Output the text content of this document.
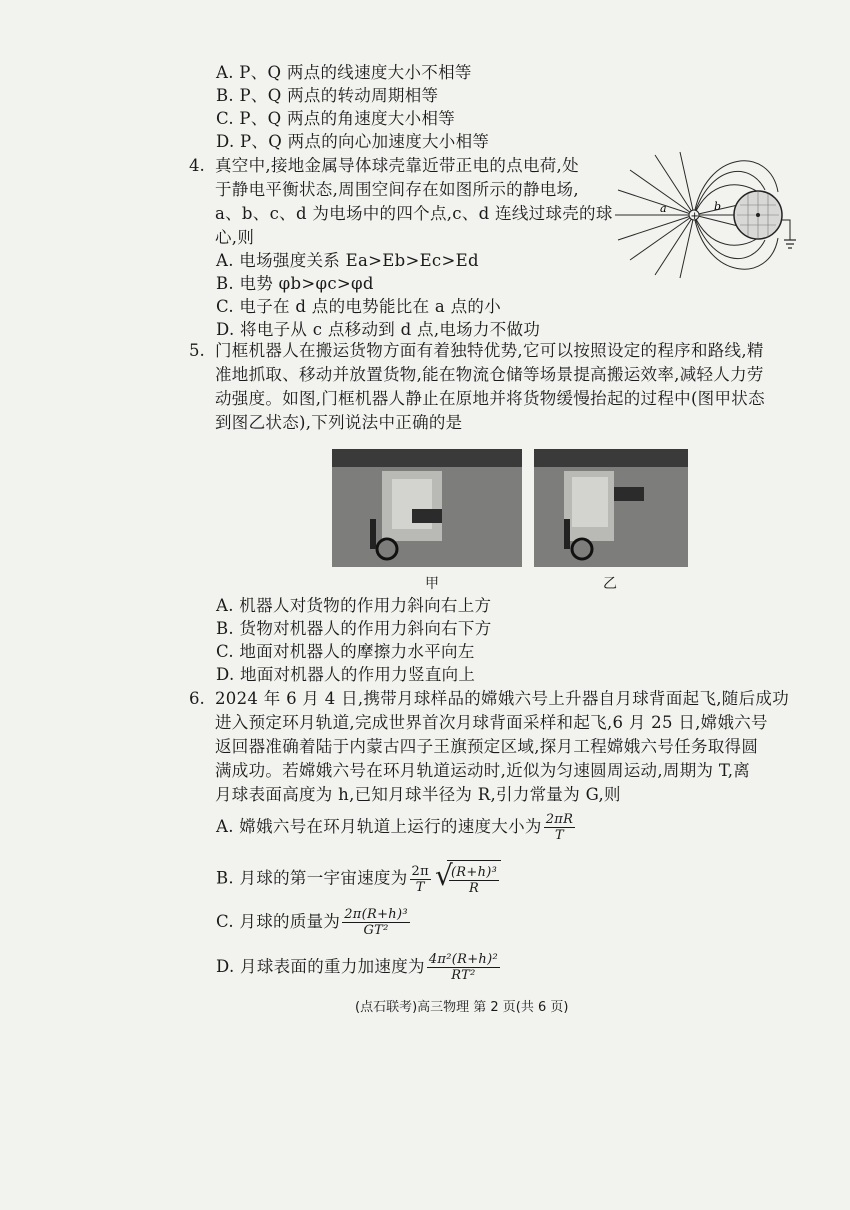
A. P、Q 两点的线速度大小不相等
B. P、Q 两点的转动周期相等
C. P、Q 两点的角速度大小相等
D. P、Q 两点的向心加速度大小相等
4. 真空中,接地金属导体球壳靠近带正电的点电荷,处
于静电平衡状态,周围空间存在如图所示的静电场,
a、b、c、d 为电场中的四个点,c、d 连线过球壳的球
心,则
A. 电场强度关系 Ea>Eb>Ec>Ed
B. 电势 φb>φc>φd
C. 电子在 d 点的电势能比在 a 点的小
D. 将电子从 c 点移动到 d 点,电场力不做功
+
a	b
5. 门框机器人在搬运货物方面有着独特优势,它可以按照设定的程序和路线,精
准地抓取、移动并放置货物,能在物流仓储等场景提高搬运效率,减轻人力劳
动强度。如图,门框机器人静止在原地并将货物缓慢抬起的过程中(图甲状态
到图乙状态),下列说法中正确的是
甲	乙
A. 机器人对货物的作用力斜向右上方
B. 货物对机器人的作用力斜向右下方
C. 地面对机器人的摩擦力水平向左
D. 地面对机器人的作用力竖直向上
6. 2024 年 6 月 4 日,携带月球样品的嫦娥六号上升器自月球背面起飞,随后成功
进入预定环月轨道,完成世界首次月球背面采样和起飞,6 月 25 日,嫦娥六号
返回器准确着陆于内蒙古四子王旗预定区域,探月工程嫦娥六号任务取得圆
满成功。若嫦娥六号在环月轨道运动时,近似为匀速圆周运动,周期为 T,离
月球表面高度为 h,已知月球半径为 R,引力常量为 G,则
A. 嫦娥六号在环月轨道上运行的速度大小为 $\frac{2\pi R}{T}$
B. 月球的第一宇宙速度为 $\frac{2\pi}{T}$ √
$\frac{\text{(R+h)³}}{R}$
C. 月球的质量为 $\frac{\text{2π(R+h)³}}{\text{GT²}}$
D. 月球表面的重力加速度为 $\frac{\text{4π²(R+h)²}}{\text{RT²}}$
(点石联考)高三物理 第 2 页(共 6 页)
